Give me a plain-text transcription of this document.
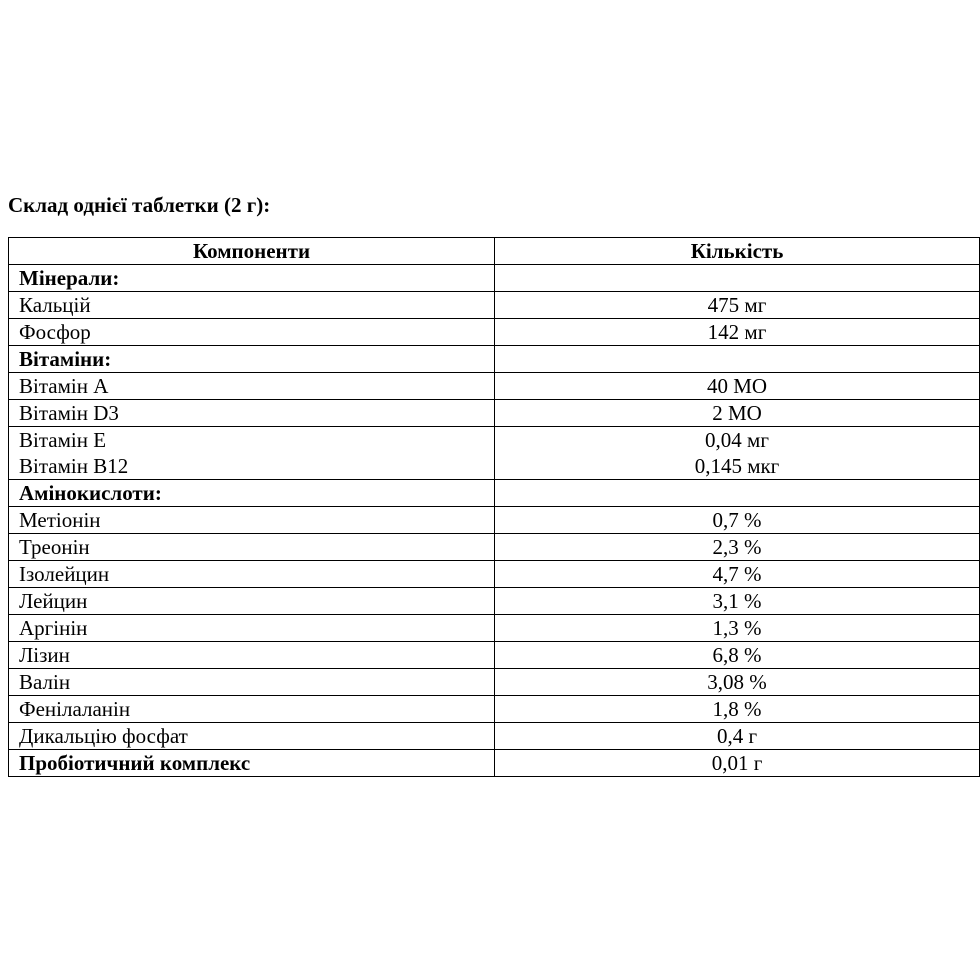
Склад однієї таблетки (2 г):
Компоненти	Кількість
Мінерали:	
Кальцій	475 мг
Фосфор	142 мг
Вітаміни:	
Вітамін A	40 МО
Вітамін D3	2 МО
Вітамін E	0,04 мг
Вітамін B12	0,145 мкг
Амінокислоти:	
Метіонін	0,7 %
Треонін	2,3 %
Ізолейцин	4,7 %
Лейцин	3,1 %
Аргінін	1,3 %
Лізин	6,8 %
Валін	3,08 %
Фенілаланін	1,8 %
Дикальцію фосфат	0,4 г
Пробіотичний комплекс	0,01 г
